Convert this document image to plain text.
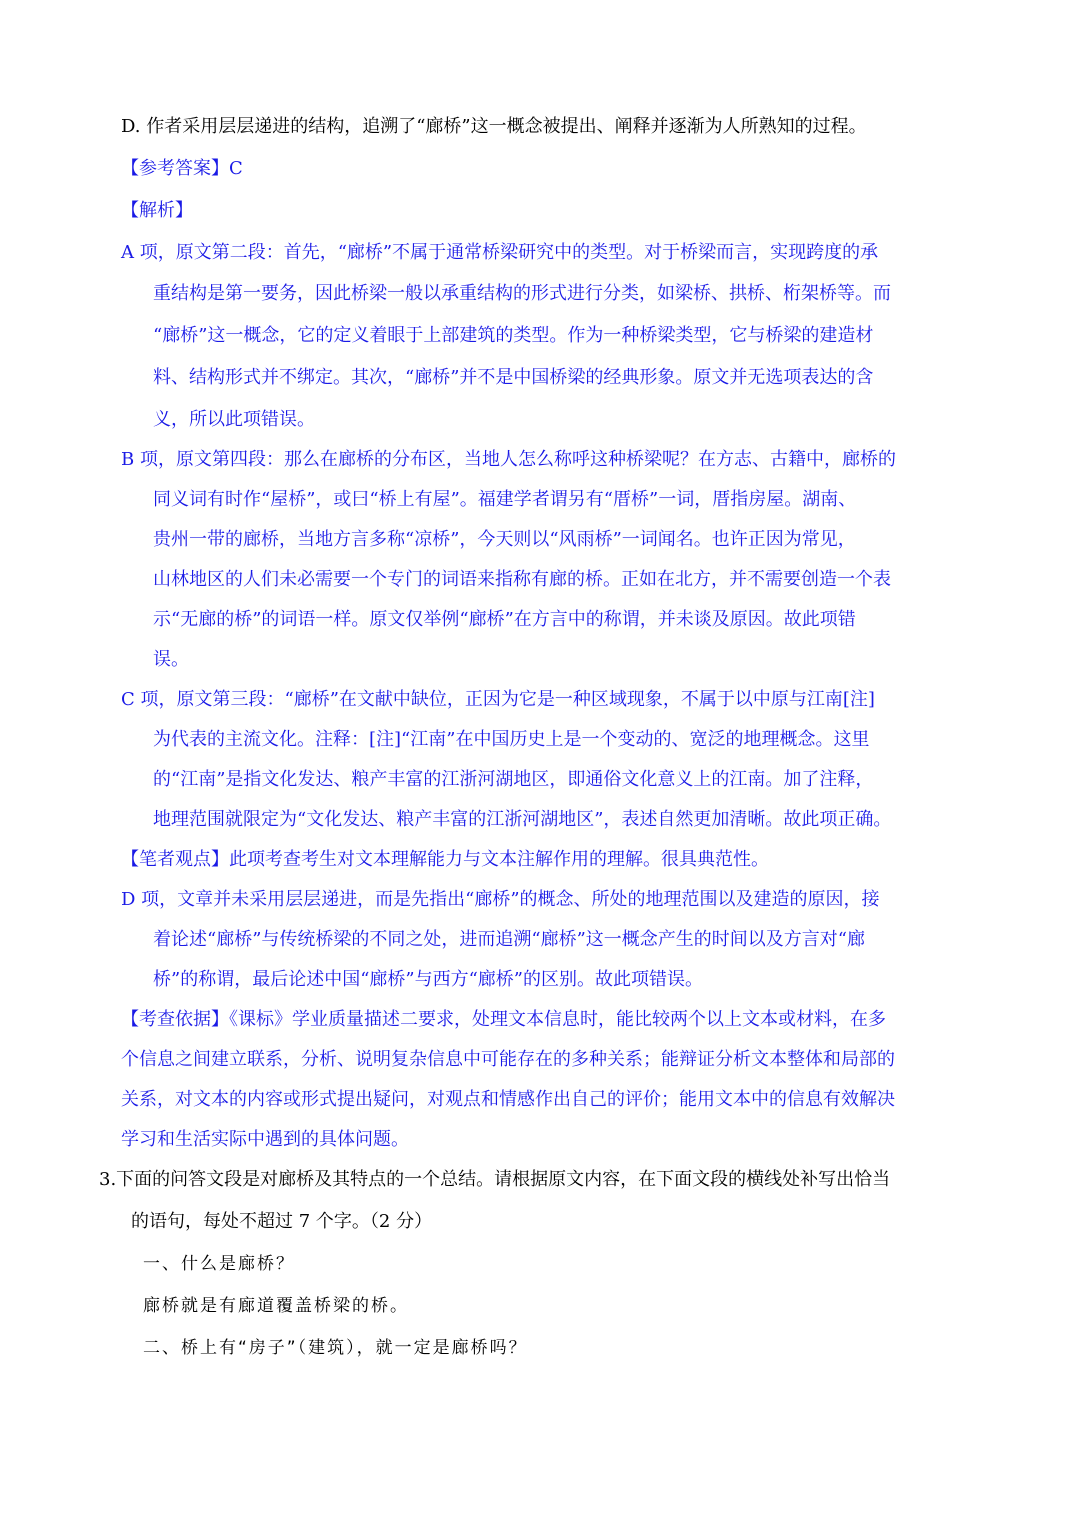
D. 作者采用层层递进的结构，追溯了“廊桥”这一概念被提出、阐释并逐渐为人所熟知的过程。
【参考答案】C
【解析】
A 项，原文第二段：首先，“廊桥”不属于通常桥梁研究中的类型。对于桥梁而言，实现跨度的承
重结构是第一要务，因此桥梁一般以承重结构的形式进行分类，如梁桥、拱桥、桁架桥等。而
“廊桥”这一概念，它的定义着眼于上部建筑的类型。作为一种桥梁类型，它与桥梁的建造材
料、结构形式并不绑定。其次，“廊桥”并不是中国桥梁的经典形象。原文并无选项表达的含
义，所以此项错误。
B 项，原文第四段：那么在廊桥的分布区，当地人怎么称呼这种桥梁呢？在方志、古籍中，廊桥的
同义词有时作“屋桥”，或曰“桥上有屋”。福建学者谓另有“厝桥”一词，厝指房屋。湖南、
贵州一带的廊桥，当地方言多称“凉桥”，今天则以“风雨桥”一词闻名。也许正因为常见，
山林地区的人们未必需要一个专门的词语来指称有廊的桥。正如在北方，并不需要创造一个表
示“无廊的桥”的词语一样。原文仅举例“廊桥”在方言中的称谓，并未谈及原因。故此项错
误。
C 项，原文第三段：“廊桥”在文献中缺位，正因为它是一种区域现象，不属于以中原与江南[注]
为代表的主流文化。注释：[注]“江南”在中国历史上是一个变动的、宽泛的地理概念。这里
的“江南”是指文化发达、粮产丰富的江浙河湖地区，即通俗文化意义上的江南。加了注释，
地理范围就限定为“文化发达、粮产丰富的江浙河湖地区”，表述自然更加清晰。故此项正确。
【笔者观点】此项考查考生对文本理解能力与文本注解作用的理解。很具典范性。
D 项，文章并未采用层层递进，而是先指出“廊桥”的概念、所处的地理范围以及建造的原因，接
着论述“廊桥”与传统桥梁的不同之处，进而追溯“廊桥”这一概念产生的时间以及方言对“廊
桥”的称谓，最后论述中国“廊桥”与西方“廊桥”的区别。故此项错误。
【考查依据】《课标》学业质量描述二要求，处理文本信息时，能比较两个以上文本或材料，在多
个信息之间建立联系，分析、说明复杂信息中可能存在的多种关系；能辩证分析文本整体和局部的
关系，对文本的内容或形式提出疑问，对观点和情感作出自己的评价；能用文本中的信息有效解决
学习和生活实际中遇到的具体问题。
3.下面的问答文段是对廊桥及其特点的一个总结。请根据原文内容，在下面文段的横线处补写出恰当
的语句，每处不超过 7 个字。（2 分）
一、什么是廊桥？
廊桥就是有廊道覆盖桥梁的桥。
二、桥上有“房子”（建筑），就一定是廊桥吗？
